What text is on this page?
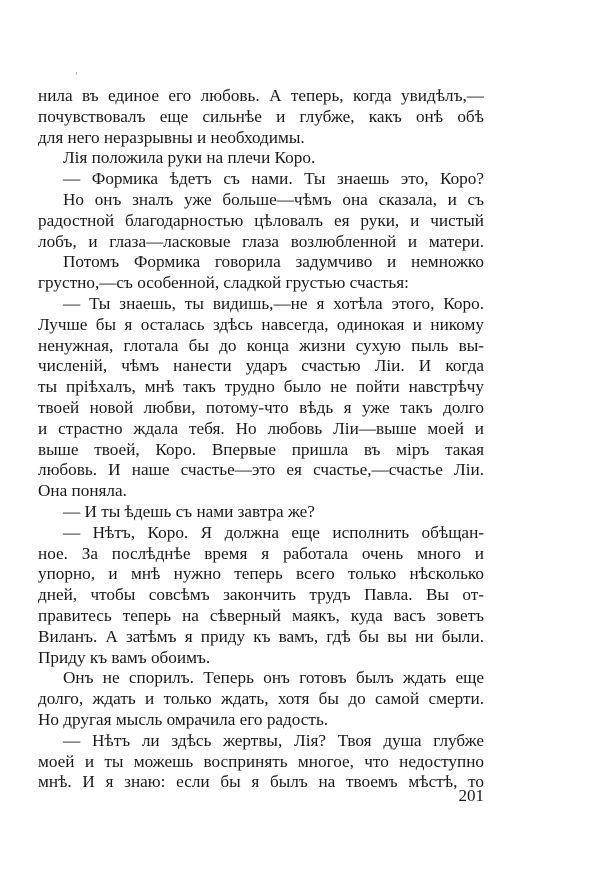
нила въ единое его любовь. А теперь, когда увидѣлъ,—
почувствовалъ еще сильнѣе и глубже, какъ онѣ обѣ
для него неразрывны и необходимы.
Лія положила руки на плечи Коро.
— Формика ѣдетъ съ нами. Ты знаешь это, Коро?
Но онъ зналъ уже больше—чѣмъ она сказала, и съ
радостной благодарностью цѣловалъ ея руки, и чистый
лобъ, и глаза—ласковые глаза возлюбленной и матери.
Потомъ Формика говорила задумчиво и немножко
грустно,—съ особенной, сладкой грустью счастья:
— Ты знаешь, ты видишь,—не я хотѣла этого, Коро.
Лучше бы я осталась здѣсь навсегда, одинокая и никому
ненужная, глотала бы до конца жизни сухую пыль вы-
численій, чѣмъ нанести ударъ счастью Ліи. И когда
ты пріѣхалъ, мнѣ такъ трудно было не пойти навстрѣчу
твоей новой любви, потому-что вѣдь я уже такъ долго
и страстно ждала тебя. Но любовь Ліи—выше моей и
выше твоей, Коро. Впервые пришла въ міръ такая
любовь. И наше счастье—это ея счастье,—счастье Ліи.
Она поняла.
— И ты ѣдешь съ нами завтра же?
— Нѣтъ, Коро. Я должна еще исполнить обѣщан-
ное. За послѣднѣе время я работала очень много и
упорно, и мнѣ нужно теперь всего только нѣсколько
дней, чтобы совсѣмъ закончить трудъ Павла. Вы от-
правитесь теперь на сѣверный маякъ, куда васъ зоветъ
Виланъ. А затѣмъ я приду къ вамъ, гдѣ бы вы ни были.
Приду къ вамъ обоимъ.
Онъ не спорилъ. Теперь онъ готовъ былъ ждать еще
долго, ждать и только ждать, хотя бы до самой смерти.
Но другая мысль омрачила его радость.
— Нѣтъ ли здѣсь жертвы, Лія? Твоя душа глубже
моей и ты можешь воспринять многое, что недоступно
мнѣ. И я знаю: если бы я былъ на твоемъ мѣстѣ, то
201
